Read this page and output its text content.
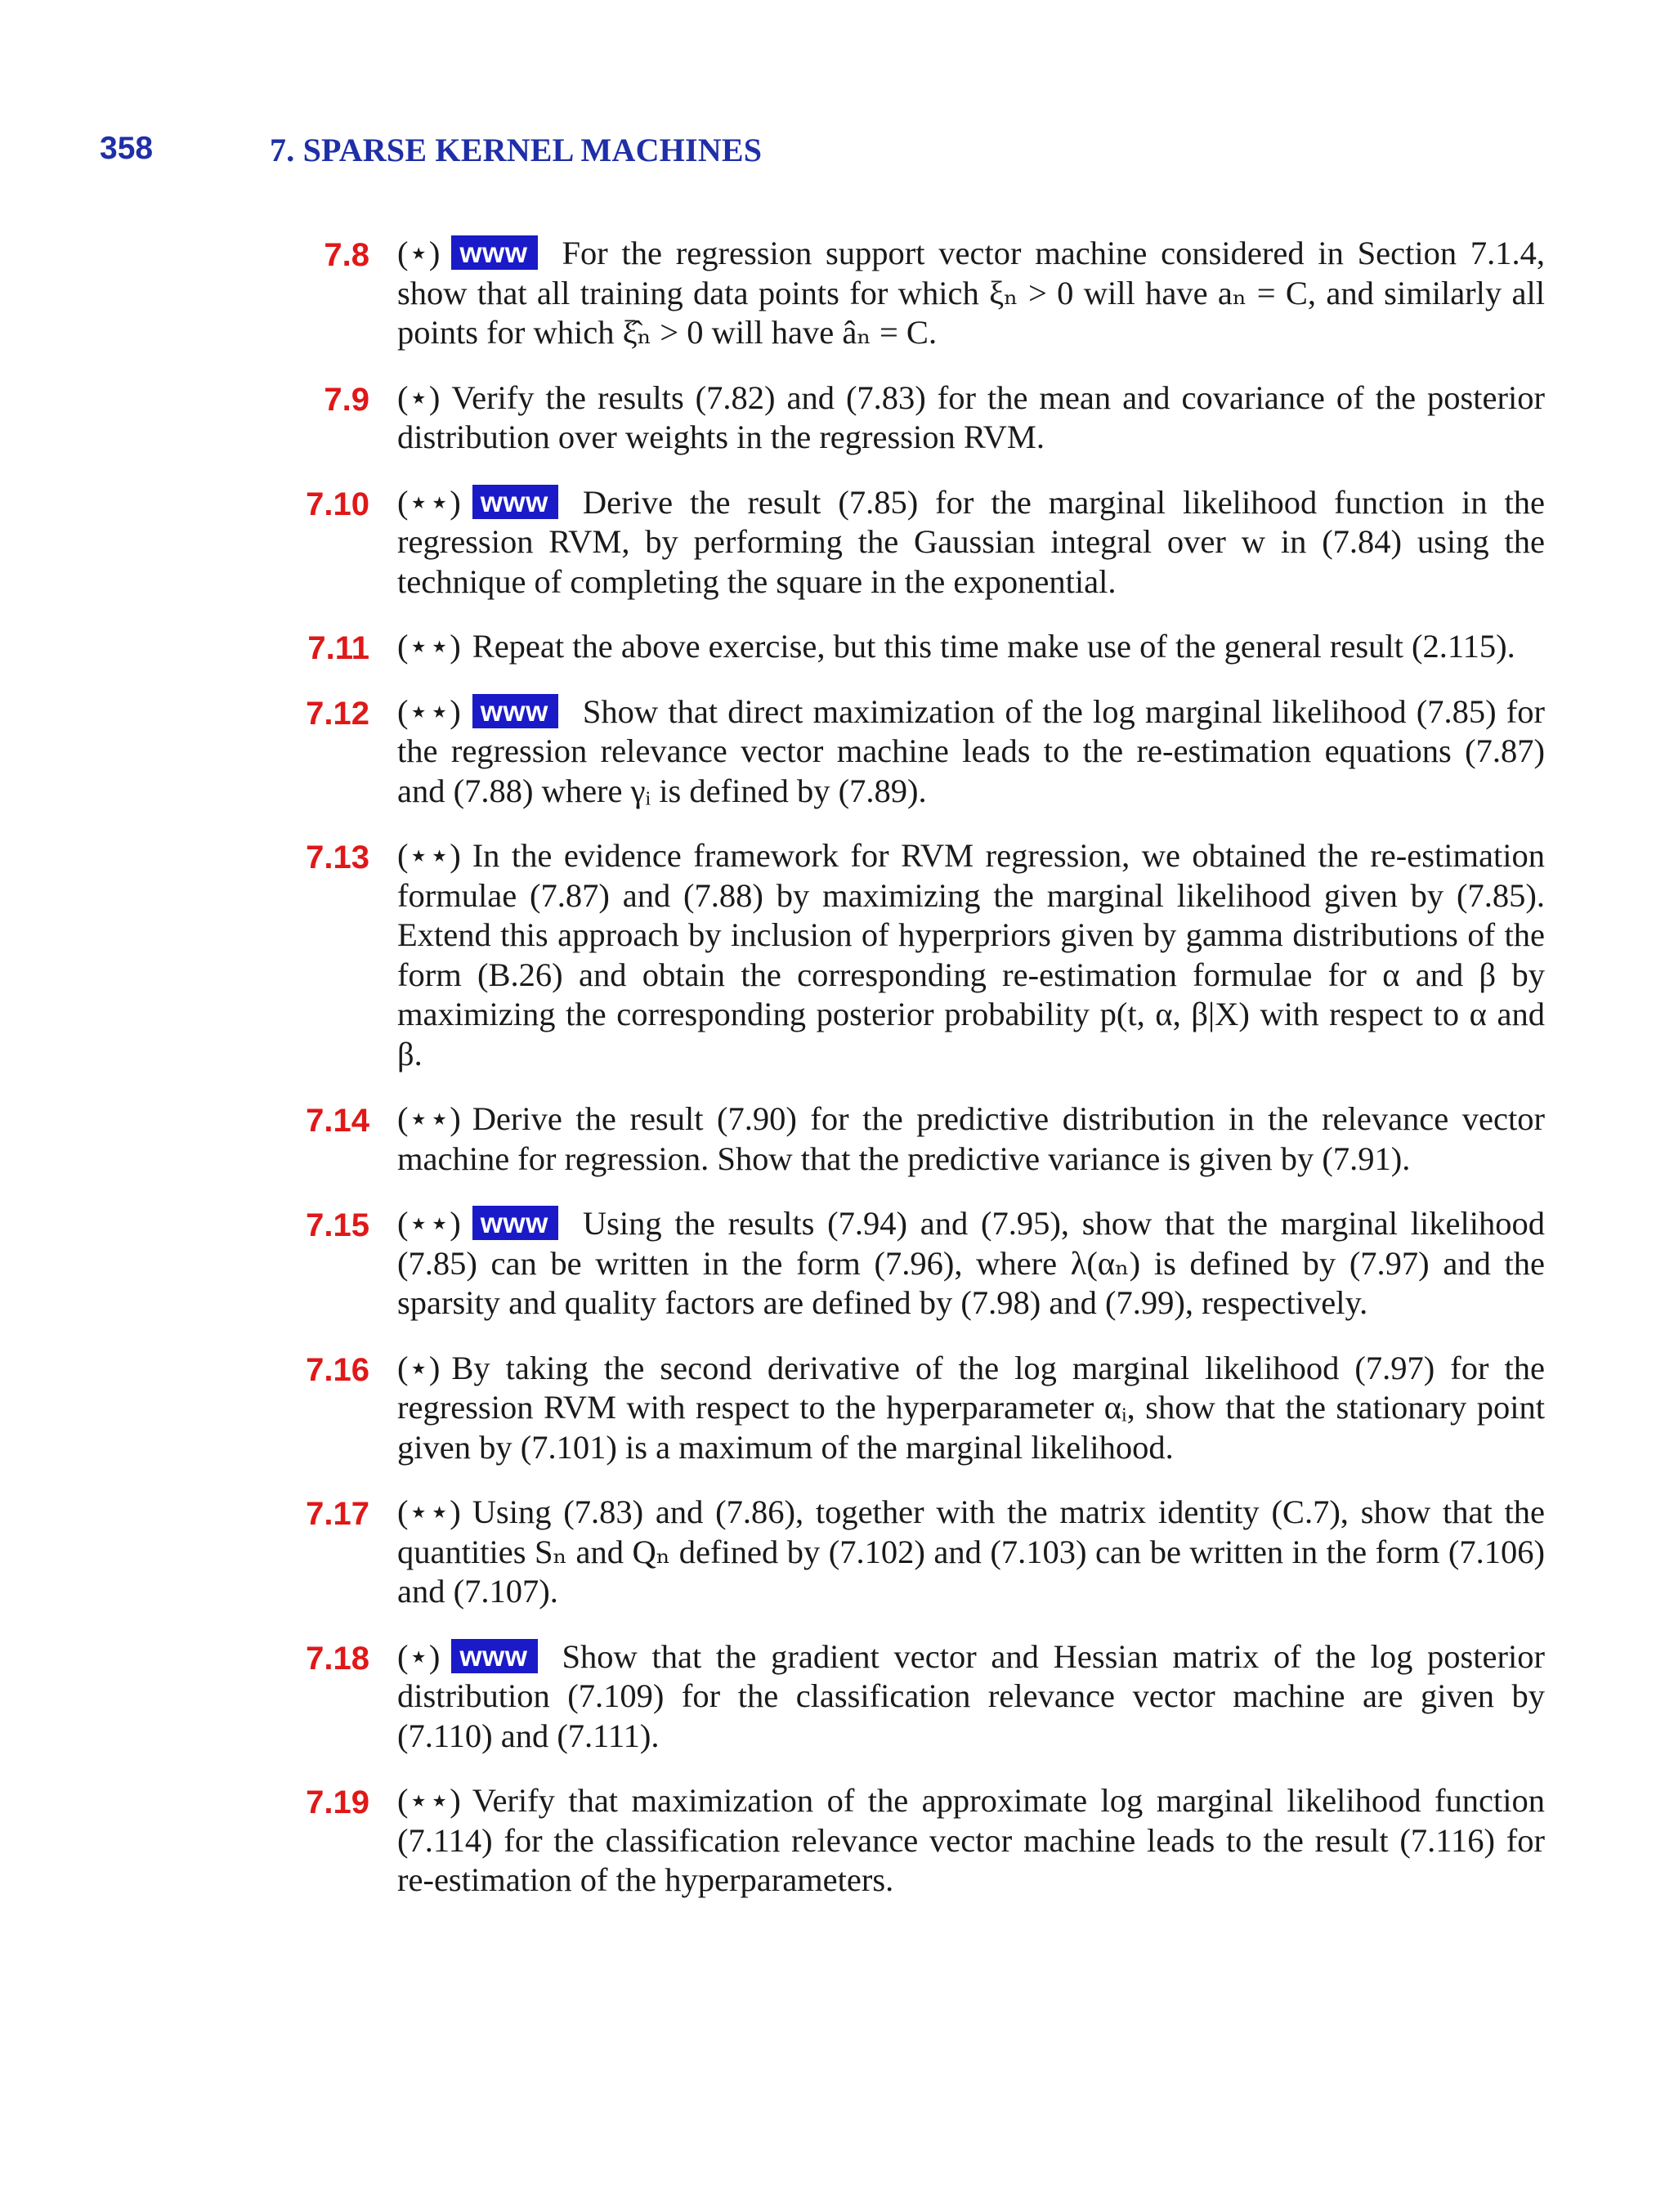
358	7. SPARSE KERNEL MACHINES
7.8 (⋆) www For the regression support vector machine considered in Section 7.1.4, show that all training data points for which ξₙ > 0 will have aₙ = C, and similarly all points for which ξ̂ₙ > 0 will have âₙ = C.
7.9 (⋆) Verify the results (7.82) and (7.83) for the mean and covariance of the posterior distribution over weights in the regression RVM.
7.10 (⋆⋆) www Derive the result (7.85) for the marginal likelihood function in the regression RVM, by performing the Gaussian integral over w in (7.84) using the technique of completing the square in the exponential.
7.11 (⋆⋆) Repeat the above exercise, but this time make use of the general result (2.115).
7.12 (⋆⋆) www Show that direct maximization of the log marginal likelihood (7.85) for the regression relevance vector machine leads to the re-estimation equations (7.87) and (7.88) where γᵢ is defined by (7.89).
7.13 (⋆⋆) In the evidence framework for RVM regression, we obtained the re-estimation formulae (7.87) and (7.88) by maximizing the marginal likelihood given by (7.85). Extend this approach by inclusion of hyperpriors given by gamma distributions of the form (B.26) and obtain the corresponding re-estimation formulae for α and β by maximizing the corresponding posterior probability p(t, α, β|X) with respect to α and β.
7.14 (⋆⋆) Derive the result (7.90) for the predictive distribution in the relevance vector machine for regression. Show that the predictive variance is given by (7.91).
7.15 (⋆⋆) www Using the results (7.94) and (7.95), show that the marginal likelihood (7.85) can be written in the form (7.96), where λ(αₙ) is defined by (7.97) and the sparsity and quality factors are defined by (7.98) and (7.99), respectively.
7.16 (⋆) By taking the second derivative of the log marginal likelihood (7.97) for the regression RVM with respect to the hyperparameter αᵢ, show that the stationary point given by (7.101) is a maximum of the marginal likelihood.
7.17 (⋆⋆) Using (7.83) and (7.86), together with the matrix identity (C.7), show that the quantities Sₙ and Qₙ defined by (7.102) and (7.103) can be written in the form (7.106) and (7.107).
7.18 (⋆) www Show that the gradient vector and Hessian matrix of the log posterior distribution (7.109) for the classification relevance vector machine are given by (7.110) and (7.111).
7.19 (⋆⋆) Verify that maximization of the approximate log marginal likelihood function (7.114) for the classification relevance vector machine leads to the result (7.116) for re-estimation of the hyperparameters.
